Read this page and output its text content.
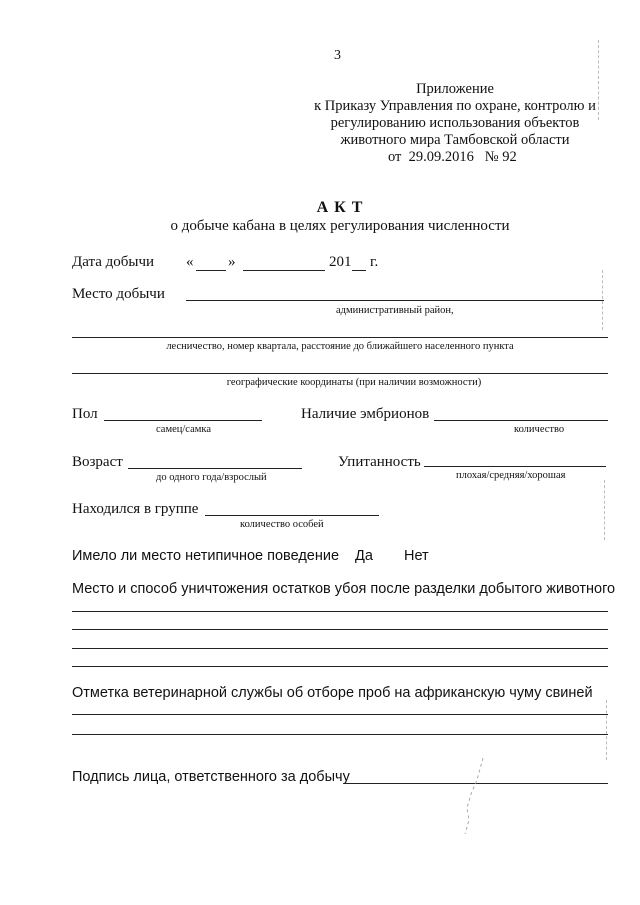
3
Приложение
к Приказу Управления по охране, контролю и
регулированию использования объектов
животного мира Тамбовской области
от 29.09.2016 № 92
А К Т
о добыче кабана в целях регулирования численности
Дата добычи « »	201 г.
Место добычи
административный район,
лесничество, номер квартала, расстояние до ближайшего населенного пункта
географические координаты (при наличии возможности)
Пол
самец/самка
Наличие эмбрионов
количество
Возраст
до одного года/взрослый
Упитанность
плохая/средняя/хорошая
Находился в группе
количество особей
Имело ли место нетипичное поведение Да Нет
Место и способ уничтожения остатков убоя после разделки добытого животного
Отметка ветеринарной службы об отборе проб на африканскую чуму свиней
Подпись лица, ответственного за добычу
